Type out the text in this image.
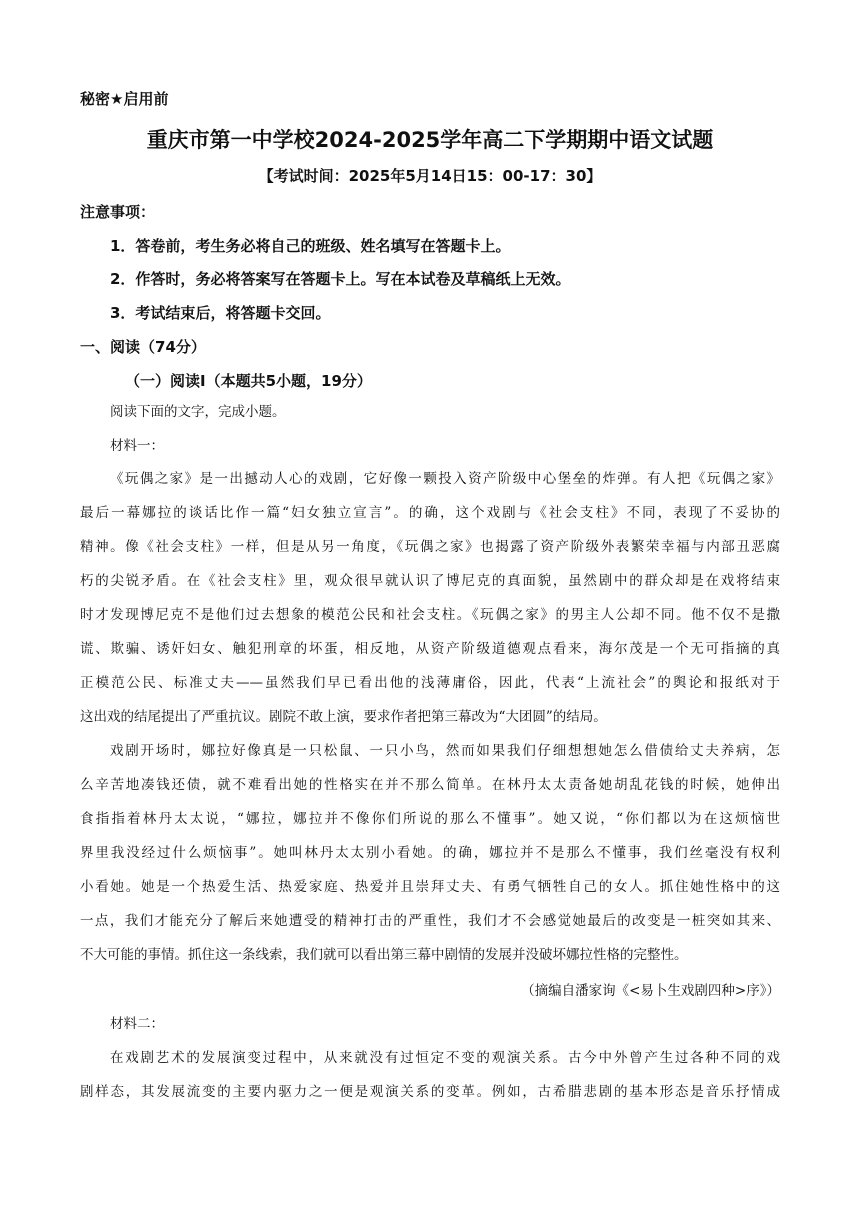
秘密★启用前
重庆市第一中学校2024-2025学年高二下学期期中语文试题
【考试时间：2025年5月14日15：00-17：30】
注意事项：
1．答卷前，考生务必将自己的班级、姓名填写在答题卡上。
2．作答时，务必将答案写在答题卡上。写在本试卷及草稿纸上无效。
3．考试结束后，将答题卡交回。
一、阅读（74分）
（一）阅读Ⅰ（本题共5小题，19分）
阅读下面的文字，完成小题。
材料一：
《玩偶之家》是一出撼动人心的戏剧，它好像一颗投入资产阶级中心堡垒的炸弹。有人把《玩偶之家》
最后一幕娜拉的谈话比作一篇“妇女独立宣言”。的确，这个戏剧与《社会支柱》不同，表现了不妥协的
精神。像《社会支柱》一样，但是从另一角度，《玩偶之家》也揭露了资产阶级外表繁荣幸福与内部丑恶腐
朽的尖锐矛盾。在《社会支柱》里，观众很早就认识了博尼克的真面貌，虽然剧中的群众却是在戏将结束
时才发现博尼克不是他们过去想象的模范公民和社会支柱。《玩偶之家》的男主人公却不同。他不仅不是撒
谎、欺骗、诱奸妇女、触犯刑章的坏蛋，相反地，从资产阶级道德观点看来，海尔茂是一个无可指摘的真
正模范公民、标准丈夫——虽然我们早已看出他的浅薄庸俗，因此，代表“上流社会”的舆论和报纸对于
这出戏的结尾提出了严重抗议。剧院不敢上演，要求作者把第三幕改为“大团圆”的结局。
戏剧开场时，娜拉好像真是一只松鼠、一只小鸟，然而如果我们仔细想想她怎么借债给丈夫养病，怎
么辛苦地凑钱还债，就不难看出她的性格实在并不那么简单。在林丹太太责备她胡乱花钱的时候，她伸出
食指指着林丹太太说，“娜拉，娜拉并不像你们所说的那么不懂事”。她又说，“你们都以为在这烦恼世
界里我没经过什么烦恼事”。她叫林丹太太别小看她。的确，娜拉并不是那么不懂事，我们丝毫没有权利
小看她。她是一个热爱生活、热爱家庭、热爱并且崇拜丈夫、有勇气牺牲自己的女人。抓住她性格中的这
一点，我们才能充分了解后来她遭受的精神打击的严重性，我们才不会感觉她最后的改变是一桩突如其来、
不大可能的事情。抓住这一条线索，我们就可以看出第三幕中剧情的发展并没破坏娜拉性格的完整性。
（摘编自潘家询《<易卜生戏剧四种>序》）
材料二：
在戏剧艺术的发展演变过程中，从来就没有过恒定不变的观演关系。古今中外曾产生过各种不同的戏
剧样态，其发展流变的主要内驱力之一便是观演关系的变革。例如，古希腊悲剧的基本形态是音乐抒情成
